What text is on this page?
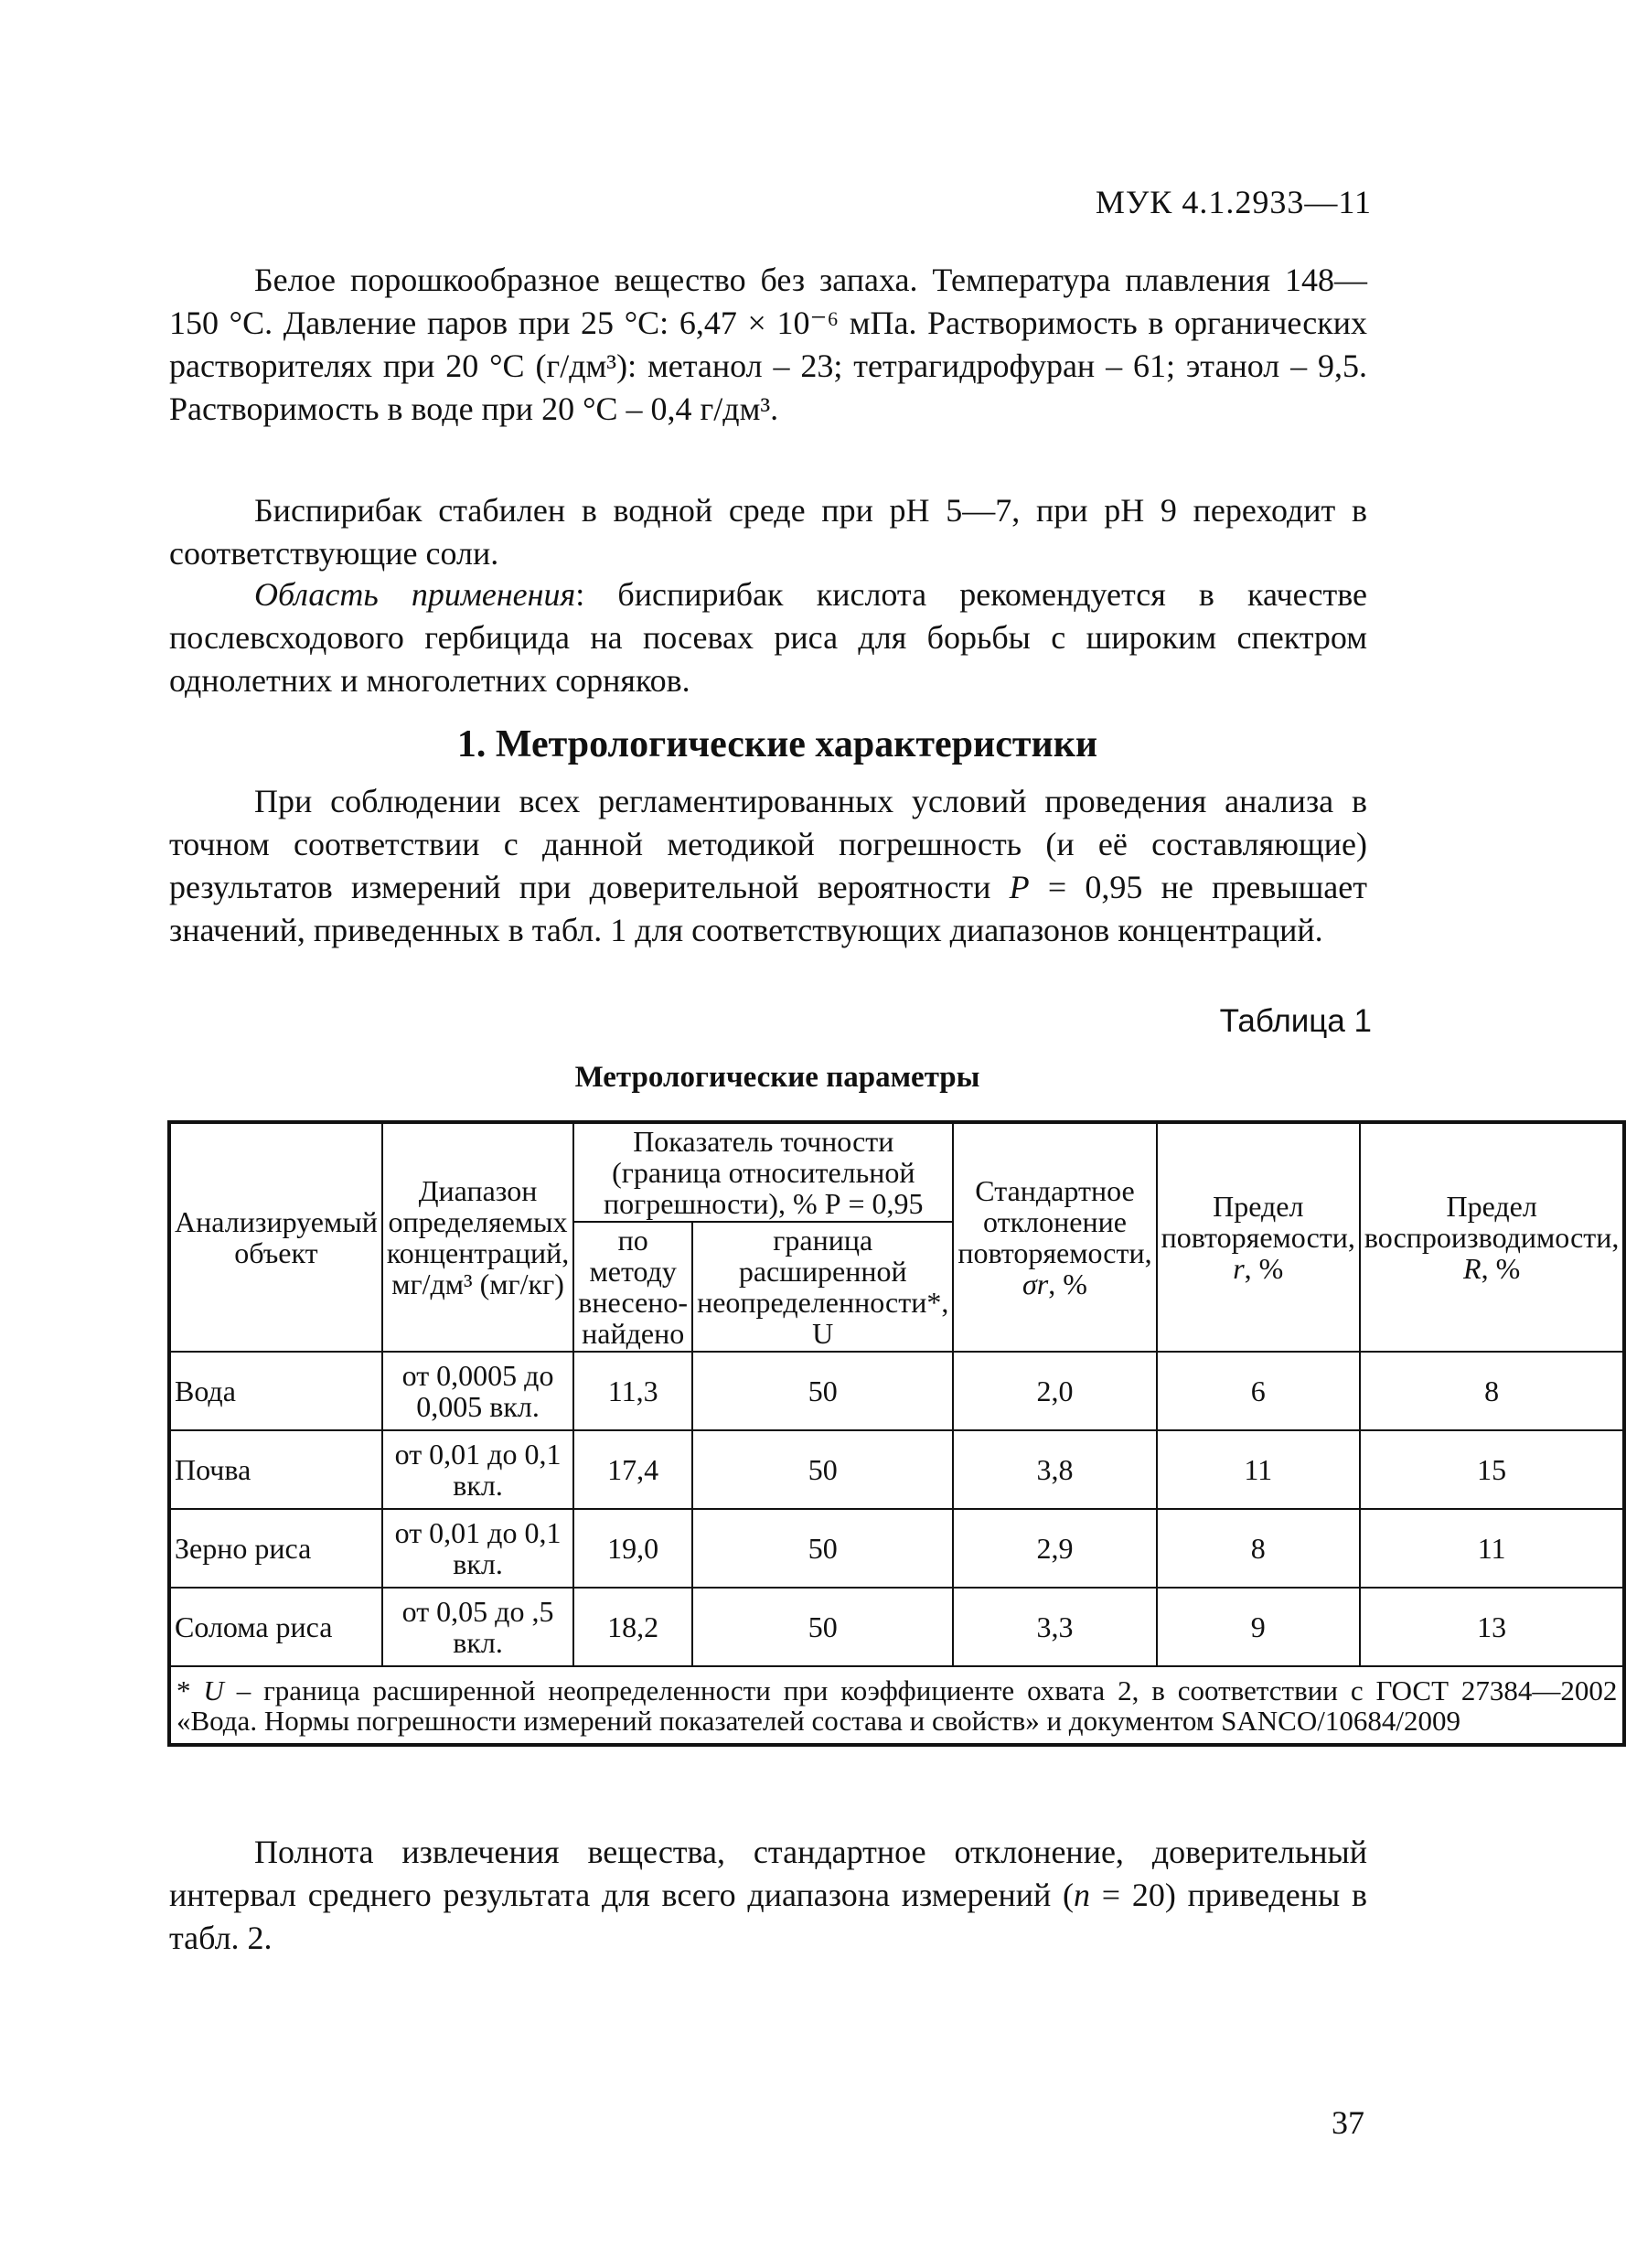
МУК 4.1.2933—11

Белое порошкообразное вещество без запаха. Температура плавления 148—150 °С. Давление паров при 25 °С: 6,47 × 10⁻⁶ мПа. Растворимость в органических растворителях при 20 °С (г/дм³): метанол – 23; тетрагидрофуран – 61; этанол – 9,5. Растворимость в воде при 20 °С – 0,4 г/дм³.

Биспирибак стабилен в водной среде при рН 5—7, при рН 9 переходит в соответствующие соли.

Область применения: биспирибак кислота рекомендуется в качестве послевсходового гербицида на посевах риса для борьбы с широким спектром однолетних и многолетних сорняков.

1. Метрологические характеристики

При соблюдении всех регламентированных условий проведения анализа в точном соответствии с данной методикой погрешность (и её составляющие) результатов измерений при доверительной вероятности Р = 0,95 не превышает значений, приведенных в табл. 1 для соответствующих диапазонов концентраций.

Таблица 1
Метрологические параметры
Анализируемый объект	Диапазон определяемых концентраций, мг/дм³ (мг/кг)	Показатель точности (граница относительной погрешности), % Р = 0,95		Стандартное отклонение повторяемости, σr, %	Предел повторяемости, r, %	Предел воспроизводимости, R, %
		по методу внесено-найдено	граница расширенной неопределенности*, U			
Вода	от 0,0005 до 0,005 вкл.	11,3	50	2,0	6	8
Почва	от 0,01 до 0,1 вкл.	17,4	50	3,8	11	15
Зерно риса	от 0,01 до 0,1 вкл.	19,0	50	2,9	8	11
Солома риса	от 0,05 до ,5 вкл.	18,2	50	3,3	9	13
* U – граница расширенной неопределенности при коэффициенте охвата 2, в соответствии с ГОСТ 27384—2002 «Вода. Нормы погрешности измерений показателей состава и свойств» и документом SANCO/10684/2009						

Полнота извлечения вещества, стандартное отклонение, доверительный интервал среднего результата для всего диапазона измерений (n = 20) приведены в табл. 2.

37
